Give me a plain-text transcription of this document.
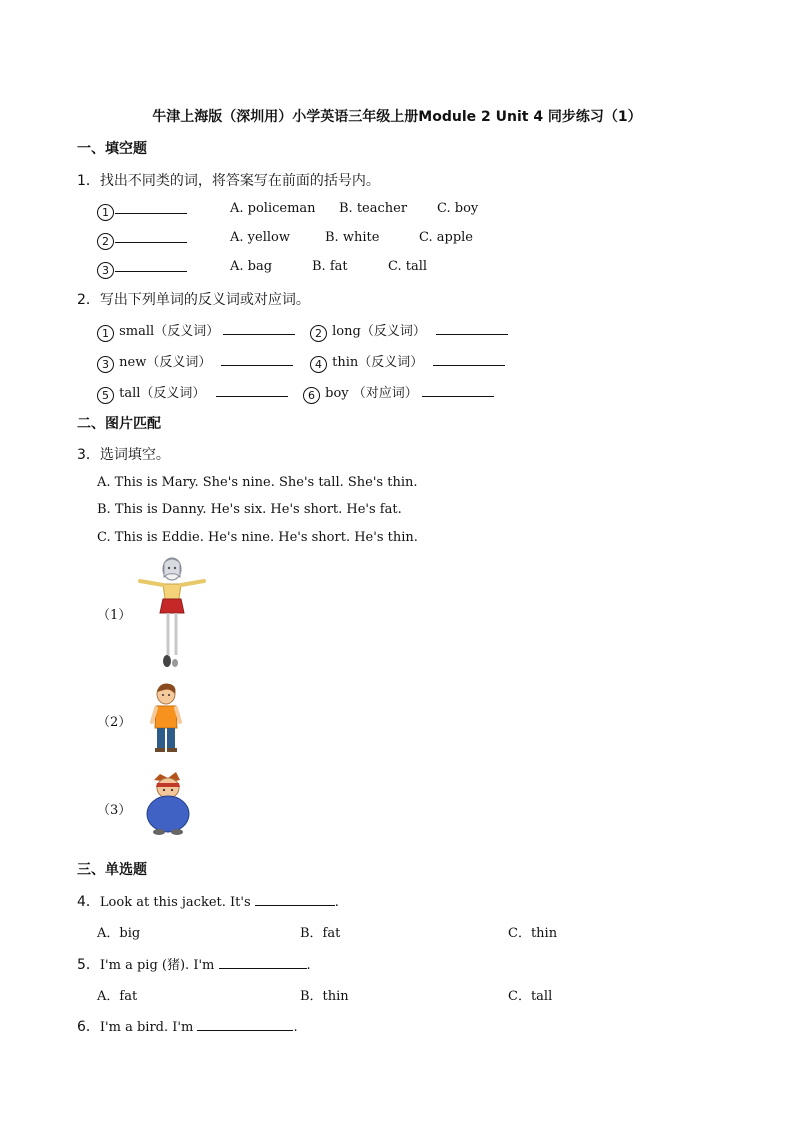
牛津上海版（深圳用）小学英语三年级上册Module 2 Unit 4 同步练习（1）
一、填空题
1．找出不同类的词，将答案写在前面的括号内。
1	A. policeman B. teacher C. boy
2	A. yellow	B. white	C. apple
3	A. bag	B. fat	C. tall
2．写出下列单词的反义词或对应词。
1 small（反义词）	2 long（反义词）
3 new（反义词）	4 thin（反义词）
5 tall（反义词）	6 boy （对应词）
二、图片匹配
3．选词填空。
A. This is Mary. She's nine. She's tall. She's thin.
B. This is Danny. He's six. He's short. He's fat.
C. This is Eddie. He's nine. He's short. He's thin.
（1）
（2）
（3）
三、单选题
4．Look at this jacket. It's	.
A．big	B．fat	C．thin
5．I'm a pig (猪). I'm	.
A．fat	B．thin	C．tall
6．I'm a bird. I'm	.
